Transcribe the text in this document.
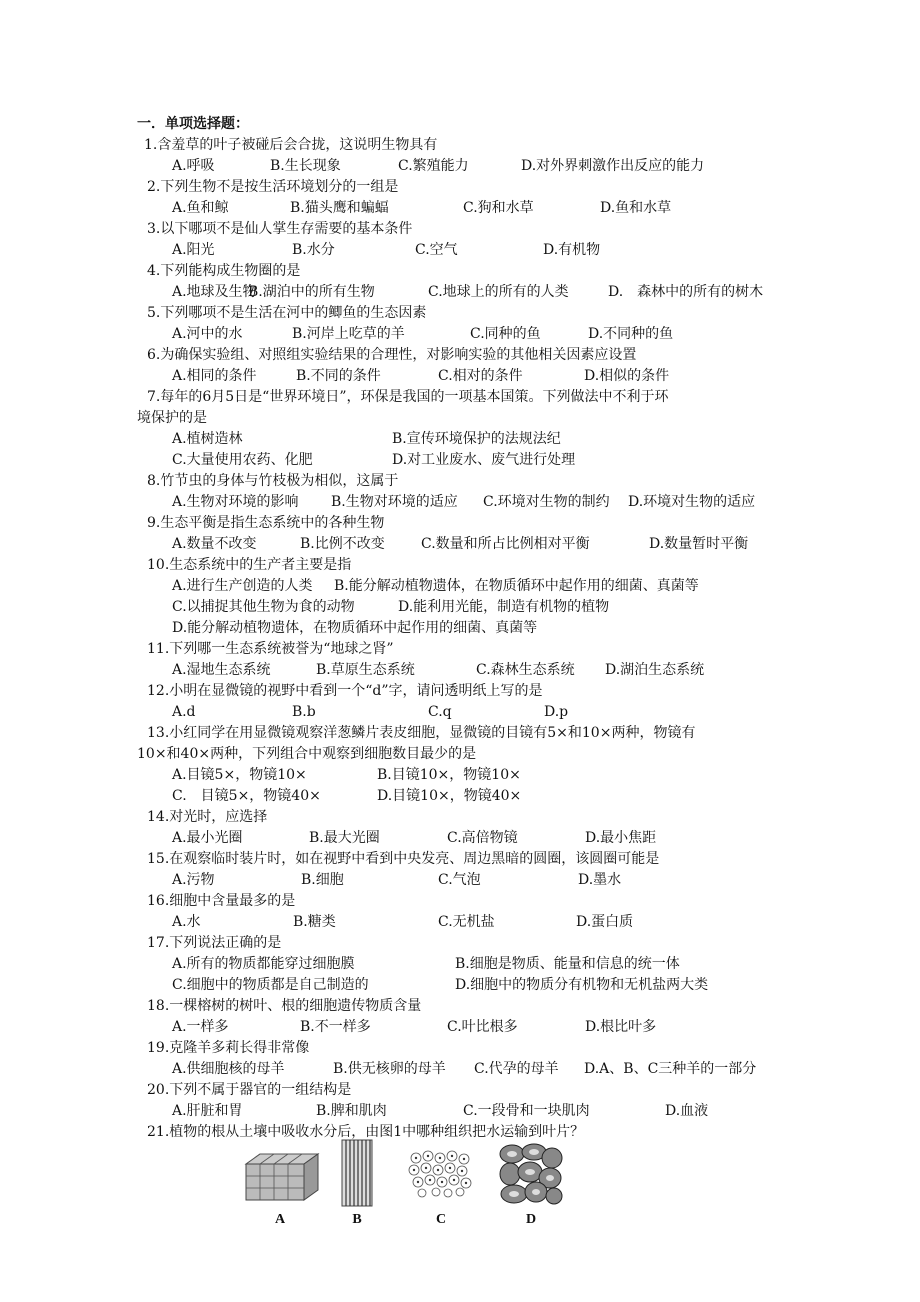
一．单项选择题：
1.含羞草的叶子被碰后会合拢，这说明生物具有
A.呼吸	B.生长现象	C.繁殖能力	D.对外界刺激作出反应的能力
2.下列生物不是按生活环境划分的一组是
A.鱼和鲸	B.猫头鹰和蝙蝠	C.狗和水草	D.鱼和水草
3.以下哪项不是仙人掌生存需要的基本条件
A.阳光	B.水分	C.空气	D.有机物
4.下列能构成生物圈的是
A.地球及生物
B.湖泊中的所有生物	C.地球上的所有的人类	D.　森林中的所有的树木
5.下列哪项不是生活在河中的鲫鱼的生态因素
A.河中的水	B.河岸上吃草的羊	C.同种的鱼	D.不同种的鱼
6.为确保实验组、对照组实验结果的合理性，对影响实验的其他相关因素应设置
A.相同的条件	B.不同的条件	C.相对的条件	D.相似的条件
7.每年的6月5日是“世界环境日”，环保是我国的一项基本国策。下列做法中不利于环
境保护的是
A.植树造林	B.宣传环境保护的法规法纪
C.大量使用农药、化肥	D.对工业废水、废气进行处理
8.竹节虫的身体与竹枝极为相似，这属于
A.生物对环境的影响 B.生物对环境的适应 C.环境对生物的制约 D.环境对生物的适应
9.生态平衡是指生态系统中的各种生物
A.数量不改变	B.比例不改变	C.数量和所占比例相对平衡	D.数量暂时平衡
10.生态系统中的生产者主要是指
A.进行生产创造的人类 B.能分解动植物遗体，在物质循环中起作用的细菌、真菌等
C.以捕捉其他生物为食的动物	D.能利用光能，制造有机物的植物
D.能分解动植物遗体，在物质循环中起作用的细菌、真菌等
11.下列哪一生态系统被誉为“地球之肾”
A.湿地生态系统	B.草原生态系统	C.森林生态系统 D.湖泊生态系统
12.小明在显微镜的视野中看到一个“d”字，请问透明纸上写的是
A.d	B.b	C.q	D.p
13.小红同学在用显微镜观察洋葱鳞片表皮细胞，显微镜的目镜有5×和10×两种，物镜有
10×和40×两种，下列组合中观察到细胞数目最少的是
A.目镜5×，物镜10×	B.目镜10×，物镜10×
C.　目镜5×，物镜40×	D.目镜10×，物镜40×
14.对光时，应选择
A.最小光圈	B.最大光圈	C.高倍物镜	D.最小焦距
15.在观察临时装片时，如在视野中看到中央发亮、周边黑暗的圆圈，该圆圈可能是
A.污物	B.细胞	C.气泡	D.墨水
16.细胞中含量最多的是
A.水	B.糖类	C.无机盐	D.蛋白质
17.下列说法正确的是
A.所有的物质都能穿过细胞膜	B.细胞是物质、能量和信息的统一体
C.细胞中的物质都是自己制造的	D.细胞中的物质分有机物和无机盐两大类
18.一棵榕树的树叶、根的细胞遗传物质含量
A.一样多	B.不一样多	C.叶比根多	D.根比叶多
19.克隆羊多莉长得非常像
A.供细胞核的母羊	B.供无核卵的母羊 C.代孕的母羊 D.A、B、C三种羊的一部分
20.下列不属于器官的一组结构是
A.肝脏和胃	B.脾和肌肉	C.一段骨和一块肌肉	D.血液
21.植物的根从土壤中吸收水分后，由图1中哪种组织把水运输到叶片？
A	B	C	D
